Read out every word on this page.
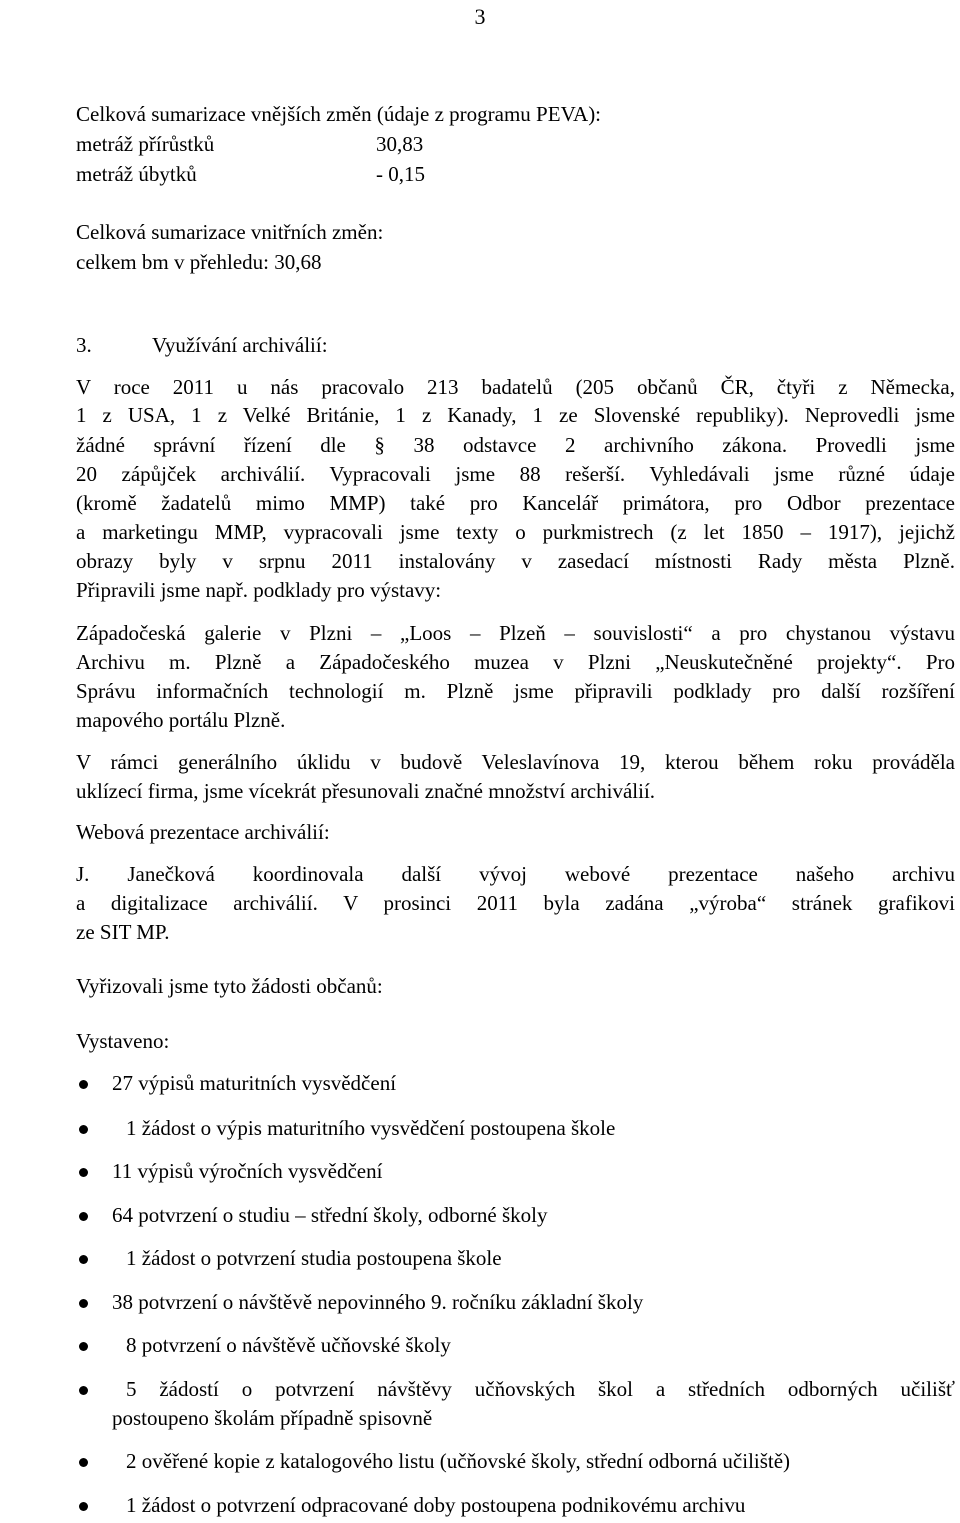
3
Celková sumarizace vnějších změn (údaje z programu PEVA):
metráž přírůstků	30,83
metráž úbytků	- 0,15
Celková sumarizace vnitřních změn:
celkem bm v přehledu: 30,68
3.	Využívání archiválií:
V roce 2011 u nás pracovalo 213 badatelů (205 občanů ČR, čtyři z Německa,
1 z USA, 1 z Velké Británie, 1 z Kanady, 1 ze Slovenské republiky). Neprovedli jsme
žádné správní řízení dle § 38 odstavce 2 archivního zákona. Provedli jsme
20 zápůjček archiválií. Vypracovali jsme 88 rešerší. Vyhledávali jsme různé údaje
(kromě žadatelů mimo MMP) také pro Kancelář primátora, pro Odbor prezentace
a marketingu MMP, vypracovali jsme texty o purkmistrech (z let 1850 – 1917), jejichž
obrazy byly v srpnu 2011 instalovány v zasedací místnosti Rady města Plzně.
Připravili jsme např. podklady pro výstavy:
Západočeská galerie v Plzni – „Loos – Plzeň – souvislosti“ a pro chystanou výstavu
Archivu m. Plzně a Západočeského muzea v Plzni „Neuskutečněné projekty“. Pro
Správu informačních technologií m. Plzně jsme připravili podklady pro další rozšíření
mapového portálu Plzně.
V rámci generálního úklidu v budově Veleslavínova 19, kterou během roku prováděla
uklízecí firma, jsme vícekrát přesunovali značné množství archiválií.
Webová prezentace archiválií:
J. Janečková koordinovala další vývoj webové prezentace našeho archivu
a digitalizace archiválií. V prosinci 2011 byla zadána „výroba“ stránek grafikovi
ze SIT MP.
Vyřizovali jsme tyto žádosti občanů:
Vystaveno:
27 výpisů maturitních vysvědčení
1 žádost o výpis maturitního vysvědčení postoupena škole
11 výpisů výročních vysvědčení
64 potvrzení o studiu – střední školy, odborné školy
1 žádost o potvrzení studia postoupena škole
38 potvrzení o návštěvě nepovinného 9. ročníku základní školy
8 potvrzení o návštěvě učňovské školy
5 žádostí o potvrzení návštěvy učňovských škol a středních odborných učilišť
postoupeno školám případně spisovně
2 ověřené kopie z katalogového listu (učňovské školy, střední odborná učiliště)
1 žádost o potvrzení odpracované doby postoupena podnikovému archivu
